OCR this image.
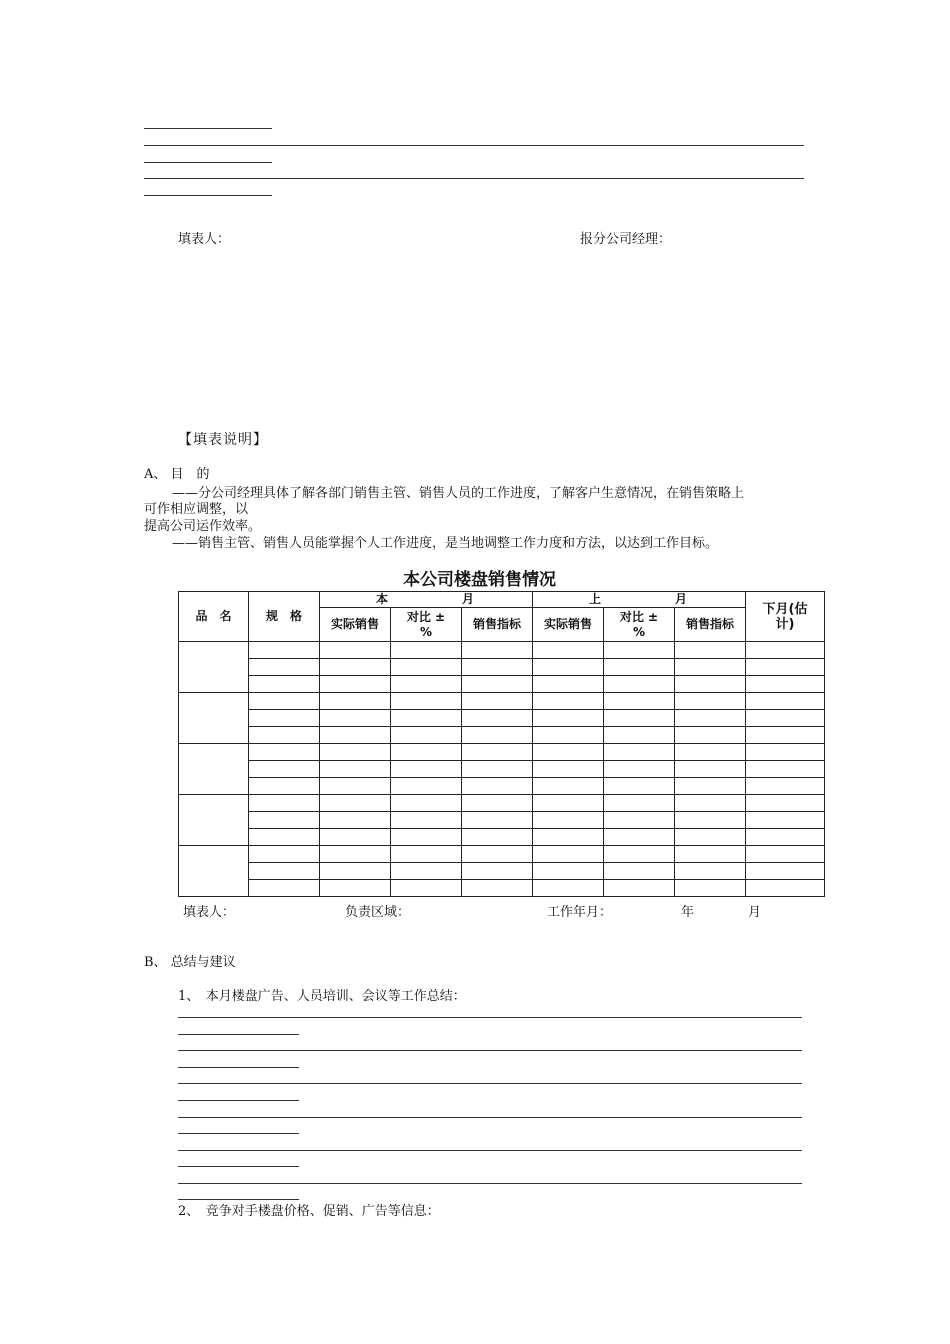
填表人：	报分公司经理：
【填表说明】
A、 目　的
——分公司经理具体了解各部门销售主管、销售人员的工作进度，了解客户生意情况，在销售策略上
可作相应调整，以
提高公司运作效率。
——销售主管、销售人员能掌握个人工作进度，是当地调整工作力度和方法，以达到工作目标。
本公司楼盘销售情况
品　名	规　格	本 月			上 月			下月(估计)

		实际销售	对比 ±%	销售指标	实际销售	对比 ±%	销售指标	

填表人：	负责区域：	工作年月：	年	月
B、 总结与建议
1、　本月楼盘广告、人员培训、会议等工作总结：
2、　竞争对手楼盘价格、促销、广告等信息：
